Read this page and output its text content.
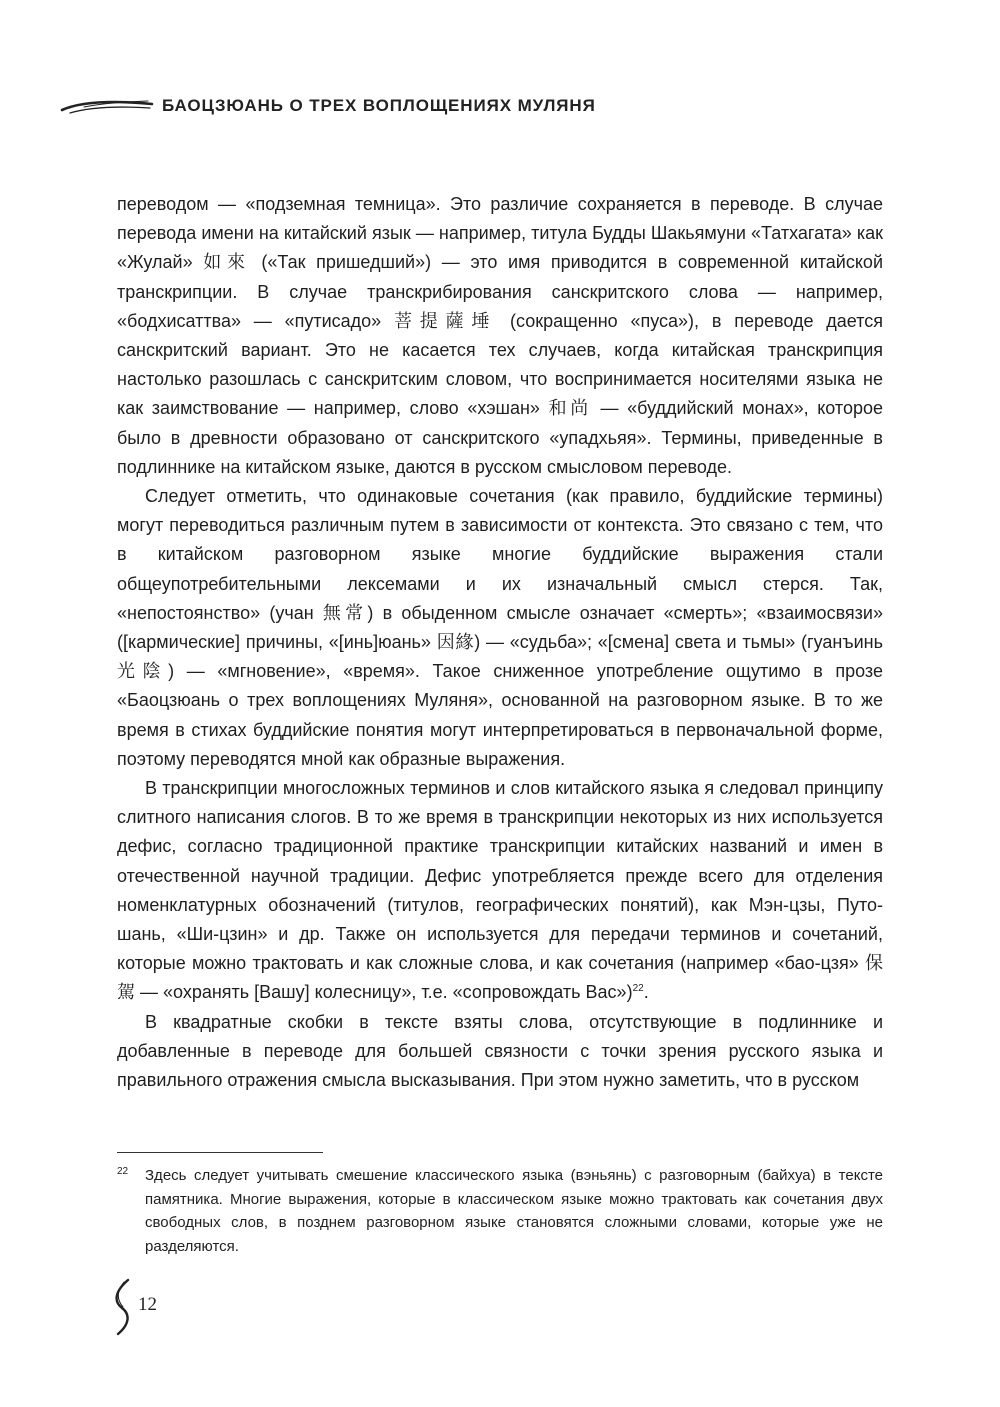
БАОЦЗЮАНЬ О ТРЕХ ВОПЛОЩЕНИЯХ МУЛЯНЯ

переводом — «подземная темница». Это различие сохраняется в переводе. В случае перевода имени на китайский язык — например, титула Будды Шакьямуни «Татхагата» как «Жулай» 如來 («Так пришедший») — это имя приводится в современной китайской транскрипции. В случае транскрибирования санскритского слова — например, «бодхисаттва» — «путисадо» 菩提薩埵 (сокращенно «пуса»), в переводе дается санскритский вариант. Это не касается тех случаев, когда китайская транскрипция настолько разошлась с санскритским словом, что воспринимается носителями языка не как заимствование — например, слово «хэшан» 和尚 — «буддийский монах», которое было в древности образовано от санскритского «упадхьяя». Термины, приведенные в подлиннике на китайском языке, даются в русском смысловом переводе.

Следует отметить, что одинаковые сочетания (как правило, буддийские термины) могут переводиться различным путем в зависимости от контекста. Это связано с тем, что в китайском разговорном языке многие буддийские выражения стали общеупотребительными лексемами и их изначальный смысл стерся. Так, «непостоянство» (учан 無常) в обыденном смысле означает «смерть»; «взаимосвязи» ([кармические] причины, «[инь]юань» 因緣) — «судьба»; «[смена] света и тьмы» (гуанъинь 光陰) — «мгновение», «время». Такое сниженное употребление ощутимо в прозе «Баоцзюань о трех воплощениях Муляня», основанной на разговорном языке. В то же время в стихах буддийские понятия могут интерпретироваться в первоначальной форме, поэтому переводятся мной как образные выражения.

В транскрипции многосложных терминов и слов китайского языка я следовал принципу слитного написания слогов. В то же время в транскрипции некоторых из них используется дефис, согласно традиционной практике транскрипции китайских названий и имен в отечественной научной традиции. Дефис употребляется прежде всего для отделения номенклатурных обозначений (титулов, географических понятий), как Мэн-цзы, Путо-шань, «Ши-цзин» и др. Также он используется для передачи терминов и сочетаний, которые можно трактовать и как сложные слова, и как сочетания (например «бао-цзя» 保駕 — «охранять [Вашу] колесницу», т.е. «сопровождать Вас»)$^{22}$.

В квадратные скобки в тексте взяты слова, отсутствующие в подлиннике и добавленные в переводе для большей связности с точки зрения русского языка и правильного отражения смысла высказывания. При этом нужно заметить, что в русском

22 Здесь следует учитывать смешение классического языка (вэньянь) с разговорным (байхуа) в тексте памятника. Многие выражения, которые в классическом языке можно трактовать как сочетания двух свободных слов, в позднем разговорном языке становятся сложными словами, которые уже не разделяются.
12
